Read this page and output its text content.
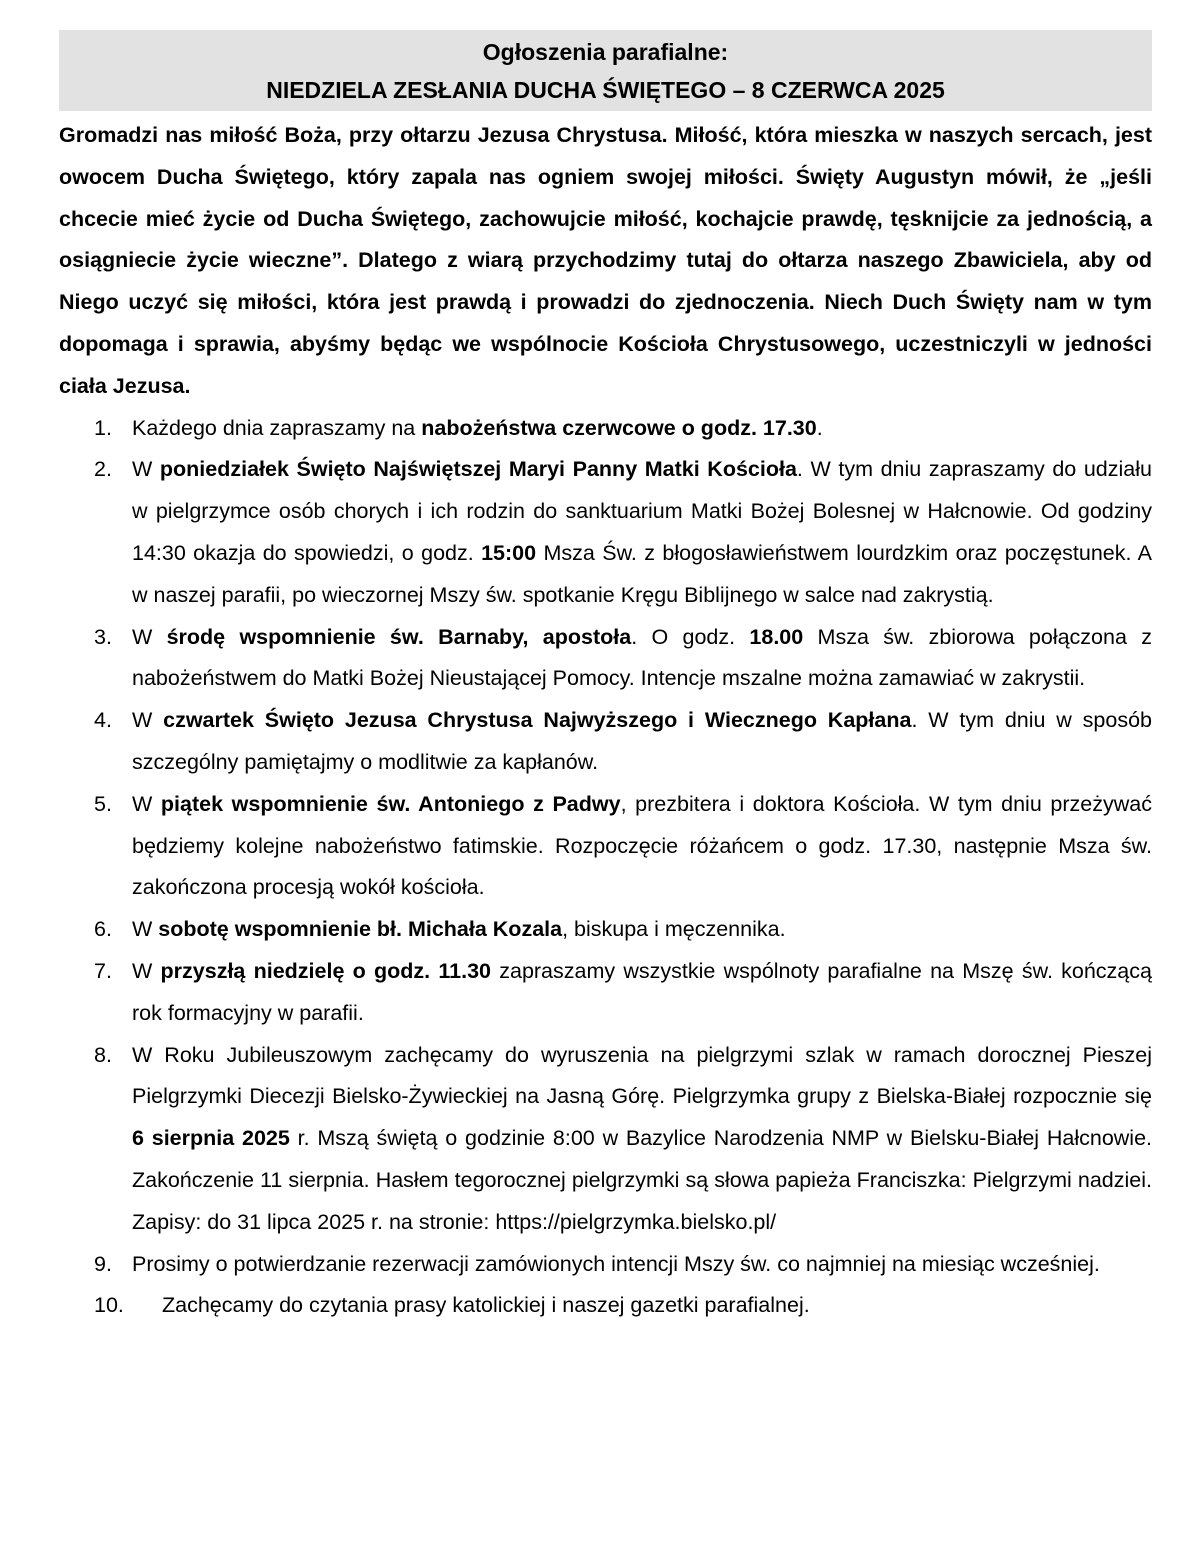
Ogłoszenia parafialne:
NIEDZIELA ZESŁANIA DUCHA ŚWIĘTEGO – 8 CZERWCA 2025

Gromadzi nas miłość Boża, przy ołtarzu Jezusa Chrystusa. Miłość, która mieszka w naszych sercach, jest owocem Ducha Świętego, który zapala nas ogniem swojej miłości. Święty Augustyn mówił, że „jeśli chcecie mieć życie od Ducha Świętego, zachowujcie miłość, kochajcie prawdę, tęsknijcie za jednością, a osiągniecie życie wieczne”. Dlatego z wiarą przychodzimy tutaj do ołtarza naszego Zbawiciela, aby od Niego uczyć się miłości, która jest prawdą i prowadzi do zjednoczenia. Niech Duch Święty nam w tym dopomaga i sprawia, abyśmy będąc we wspólnocie Kościoła Chrystusowego, uczestniczyli w jedności ciała Jezusa.

1. Każdego dnia zapraszamy na nabożeństwa czerwcowe o godz. 17.30.
2. W poniedziałek Święto Najświętszej Maryi Panny Matki Kościoła. W tym dniu zapraszamy do udziału w pielgrzymce osób chorych i ich rodzin do sanktuarium Matki Bożej Bolesnej w Hałcnowie. Od godziny 14:30 okazja do spowiedzi, o godz. 15:00 Msza Św. z błogosławieństwem lourdzkim oraz poczęstunek. A w naszej parafii, po wieczornej Mszy św. spotkanie Kręgu Biblijnego w salce nad zakrystią.
3. W środę wspomnienie św. Barnaby, apostoła. O godz. 18.00 Msza św. zbiorowa połączona z nabożeństwem do Matki Bożej Nieustającej Pomocy. Intencje mszalne można zamawiać w zakrystii.
4. W czwartek Święto Jezusa Chrystusa Najwyższego i Wiecznego Kapłana. W tym dniu w sposób szczególny pamiętajmy o modlitwie za kapłanów.
5. W piątek wspomnienie św. Antoniego z Padwy, prezbitera i doktora Kościoła. W tym dniu przeżywać będziemy kolejne nabożeństwo fatimskie. Rozpoczęcie różańcem o godz. 17.30, następnie Msza św. zakończona procesją wokół kościoła.
6. W sobotę wspomnienie bł. Michała Kozala, biskupa i męczennika.
7. W przyszłą niedzielę o godz. 11.30 zapraszamy wszystkie wspólnoty parafialne na Mszę św. kończącą rok formacyjny w parafii.
8. W Roku Jubileuszowym zachęcamy do wyruszenia na pielgrzymi szlak w ramach dorocznej Pieszej Pielgrzymki Diecezji Bielsko-Żywieckiej na Jasną Górę. Pielgrzymka grupy z Bielska-Białej rozpocznie się 6 sierpnia 2025 r. Mszą świętą o godzinie 8:00 w Bazylice Narodzenia NMP w Bielsku-Białej Hałcnowie. Zakończenie 11 sierpnia. Hasłem tegorocznej pielgrzymki są słowa papieża Franciszka: Pielgrzymi nadziei. Zapisy: do 31 lipca 2025 r. na stronie: https://pielgrzymka.bielsko.pl/
9. Prosimy o potwierdzanie rezerwacji zamówionych intencji Mszy św. co najmniej na miesiąc wcześniej.
10. Zachęcamy do czytania prasy katolickiej i naszej gazetki parafialnej.
